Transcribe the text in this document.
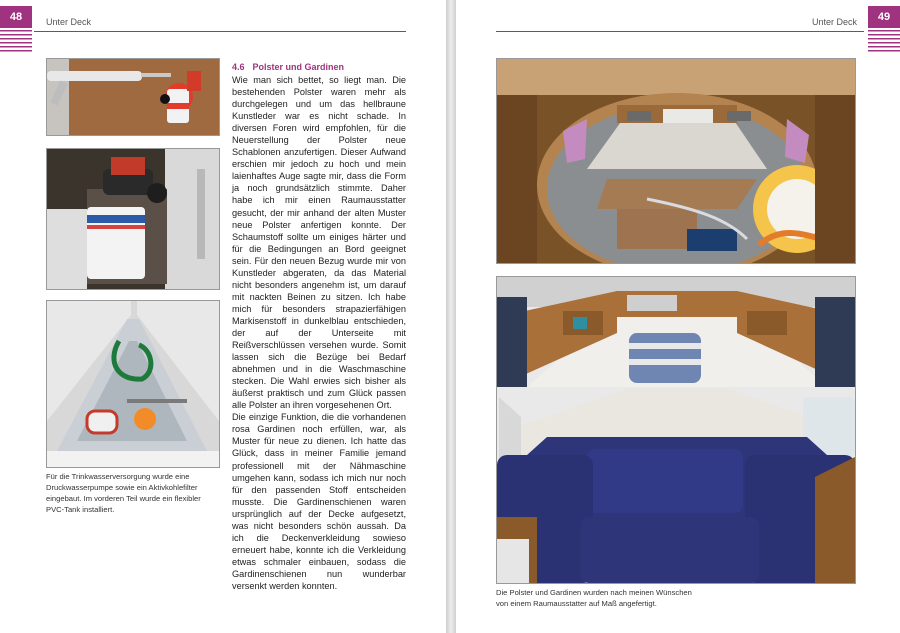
48	Unter Deck
Für die Trinkwasserversorgung wurde eine Druckwasserpumpe sowie ein Aktivkohlefilter eingebaut. Im vorderen Teil wurde ein flexibler PVC-Tank installiert.
4.6 Polster und Gardinen

Wie man sich bettet, so liegt man. Die bestehenden Polster waren mehr als durchgelegen und um das hellbraune Kunstleder war es nicht schade. In diversen Foren wird empfohlen, für die Neuerstellung der Polster neue Schablonen anzufertigen. Dieser Aufwand erschien mir jedoch zu hoch und mein laienhaftes Auge sagte mir, dass die Form ja noch grundsätzlich stimmte. Daher habe ich mir einen Raumausstatter gesucht, der mir anhand der alten Muster neue Polster anfertigen konnte. Der Schaumstoff sollte um einiges härter und für die Bedingungen an Bord geeignet sein. Für den neuen Bezug wurde mir von Kunstleder abgeraten, da das Material nicht besonders angenehm ist, um darauf mit nackten Beinen zu sitzen. Ich habe mich für besonders strapazierfähigen Markisenstoff in dunkelblau entschieden, der auf der Unterseite mit Reißverschlüssen versehen wurde. Somit lassen sich die Bezüge bei Bedarf abnehmen und in die Waschmaschine stecken. Die Wahl erwies sich bisher als äußerst praktisch und zum Glück passen alle Polster an ihren vorgesehenen Ort.

Die einzige Funktion, die die vorhandenen rosa Gardinen noch erfüllen, war, als Muster für neue zu dienen. Ich hatte das Glück, dass in meiner Familie jemand professionell mit der Nähmaschine umgehen kann, sodass ich mich nur noch für den passenden Stoff entscheiden musste. Die Gardinenschienen waren ursprünglich auf der Decke aufgesetzt, was nicht besonders schön aussah. Da ich die Deckenverkleidung sowieso erneuert habe, konnte ich die Verkleidung etwas schmaler einbauen, sodass die Gardinenschienen nun wunderbar versenkt werden konnten.

49
Unter Deck
Die Polster und Gardinen wurden nach meinen Wünschen
von einem Raumausstatter auf Maß angefertigt.
